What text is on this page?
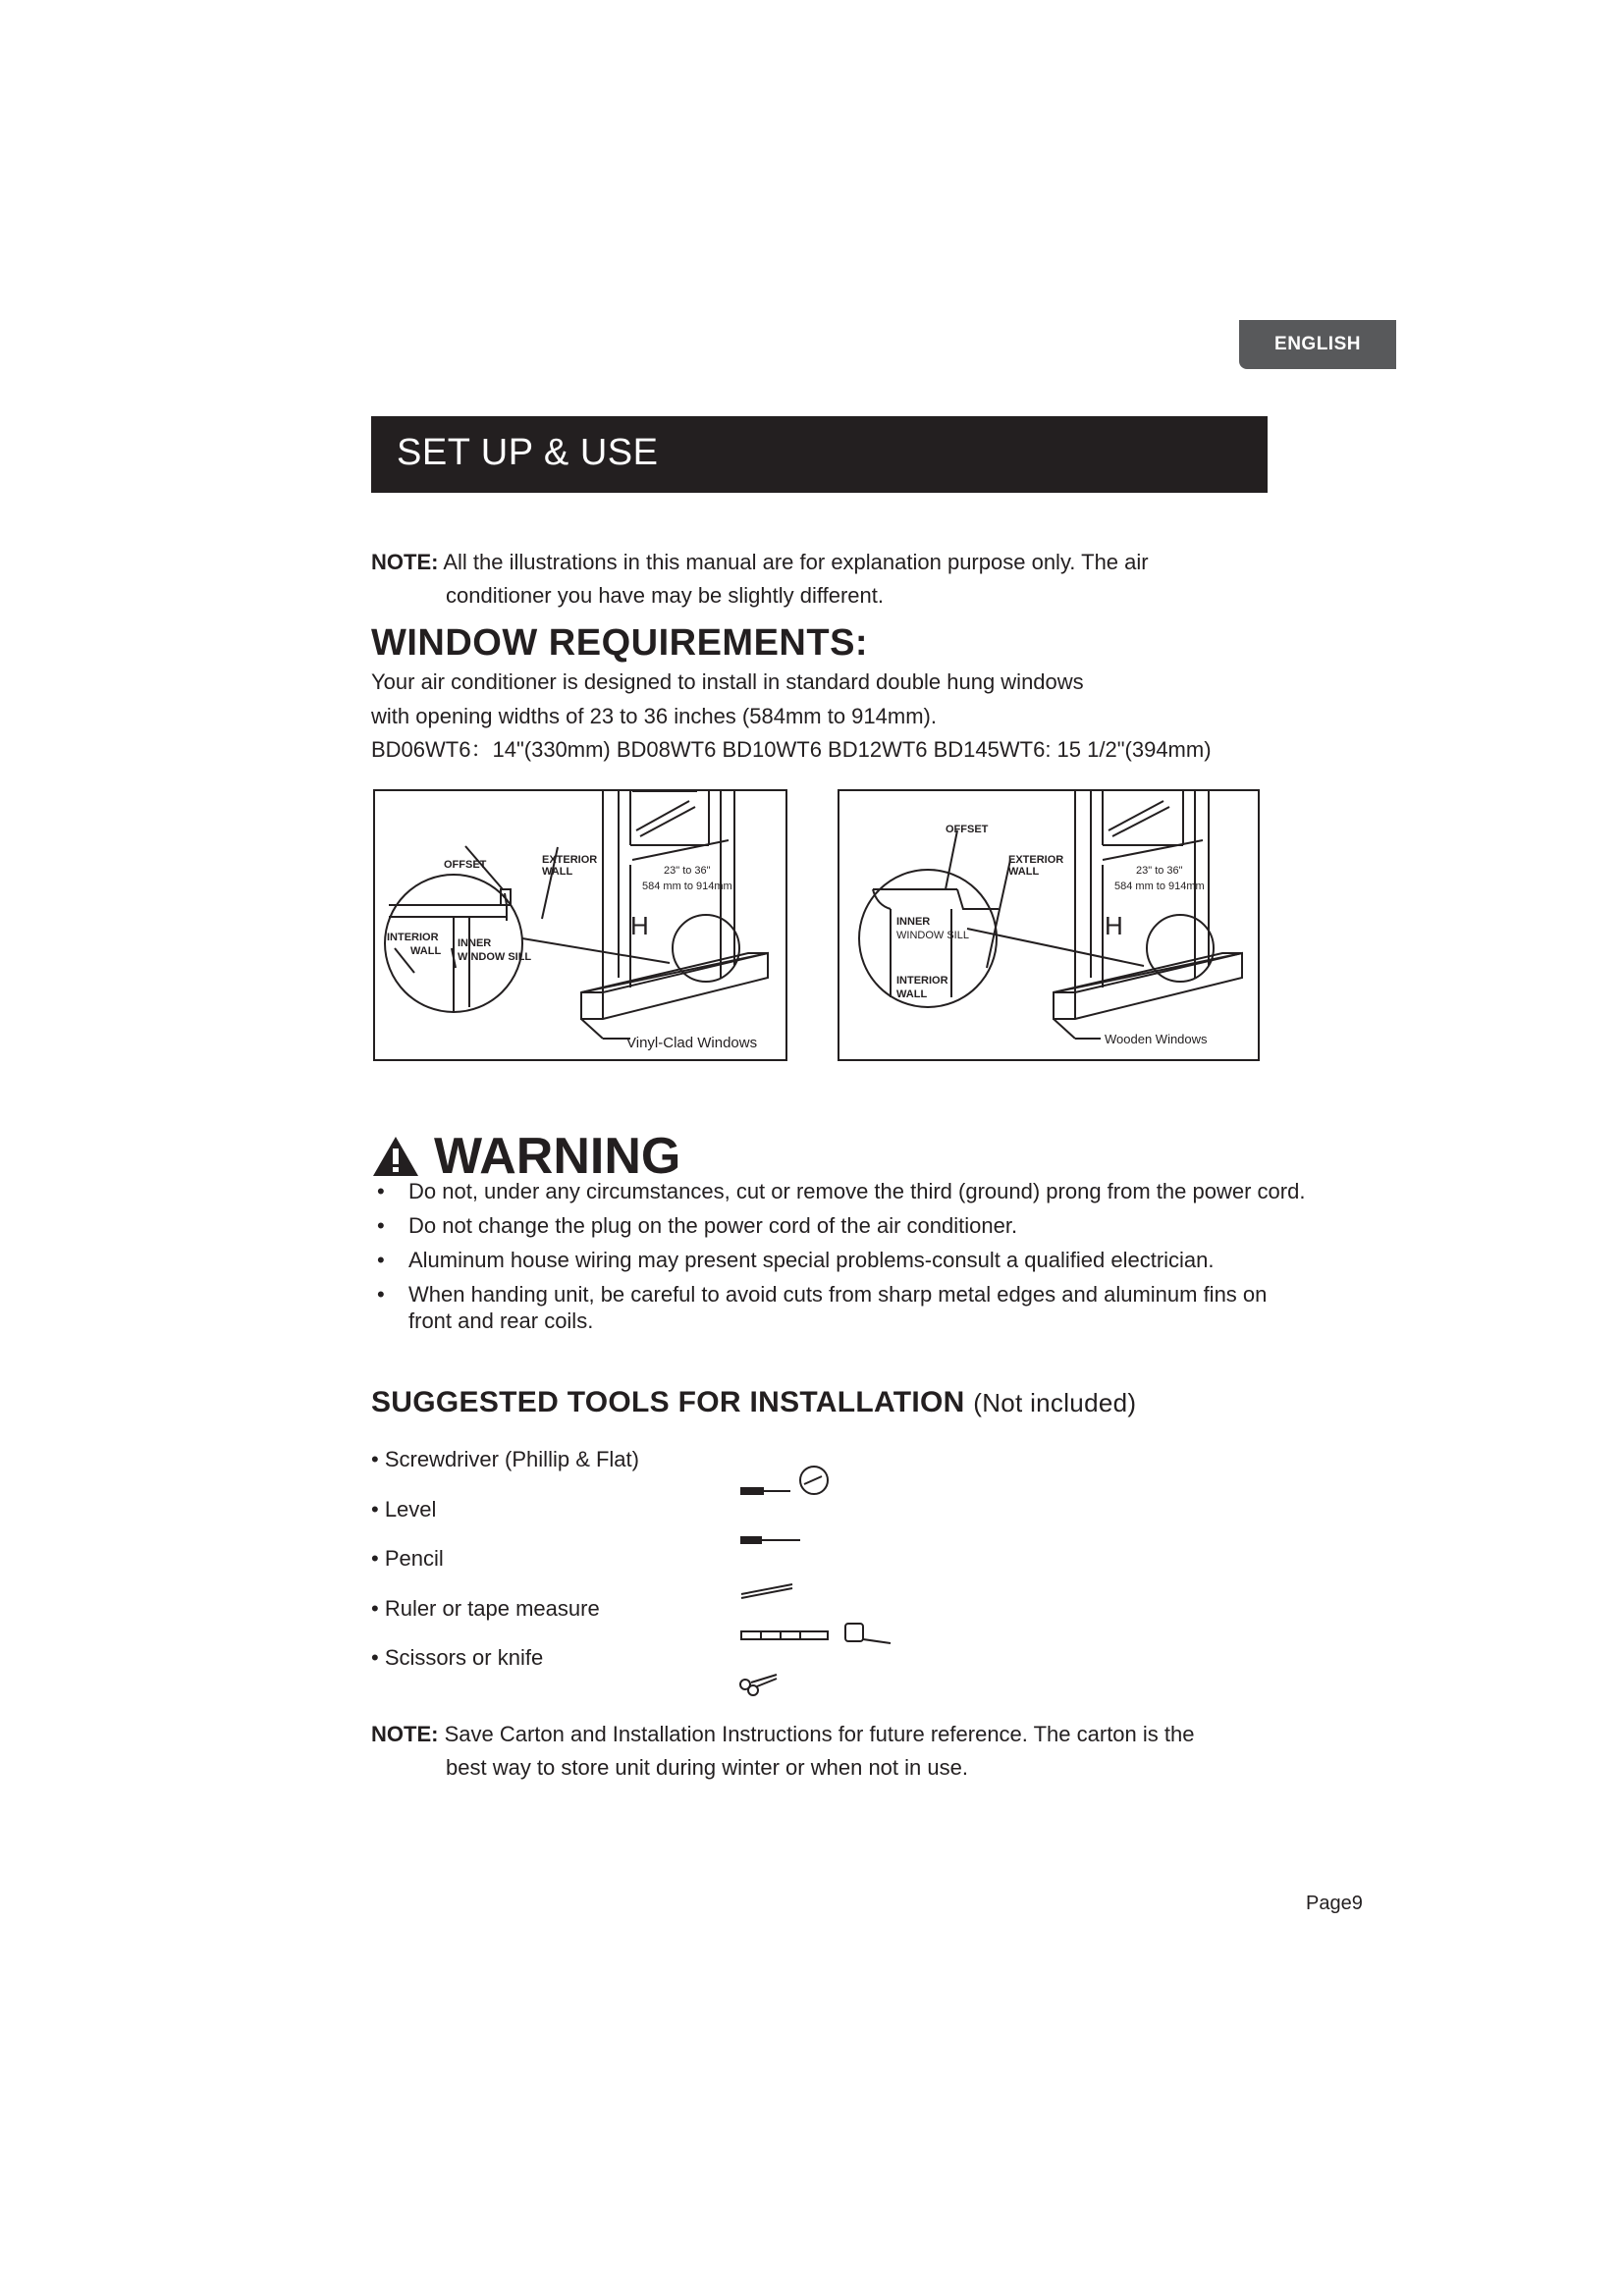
ENGLISH
SET UP & USE
NOTE: All the illustrations in this manual are for explanation purpose only. The air
conditioner you have may be slightly different.
WINDOW REQUIREMENTS:
Your air conditioner is designed to install in standard double hung windows
with opening widths of 23 to 36 inches (584mm to 914mm).
BD06WT6：14"(330mm) BD08WT6 BD10WT6 BD12WT6 BD145WT6: 15 1/2"(394mm)
OFFSET	EXTERIOR
WALL	23" to 36"
584 mm to 914mm
H
INTERIOR
WALL
INNER
WINDOW SILL
Vinyl-Clad Windows
OFFSET
EXTERIOR
WALL	23" to 36"
584 mm to 914mm
H
INNER
WINDOW SILL
INTERIOR
WALL
Wooden Windows
WARNING
• Do not, under any circumstances, cut or remove the third (ground) prong from the power cord.
• Do not change the plug on the power cord of the air conditioner.
• Aluminum house wiring may present special problems-consult a qualified electrician.
• When handing unit, be careful to avoid cuts from sharp metal edges and aluminum fins on front and rear coils.
SUGGESTED TOOLS FOR INSTALLATION (Not included)
• Screwdriver (Phillip & Flat)
• Level
• Pencil
• Ruler or tape measure
• Scissors or knife
NOTE: Save Carton and Installation Instructions for future reference. The carton is the
best way to store unit during winter or when not in use.
Page9
